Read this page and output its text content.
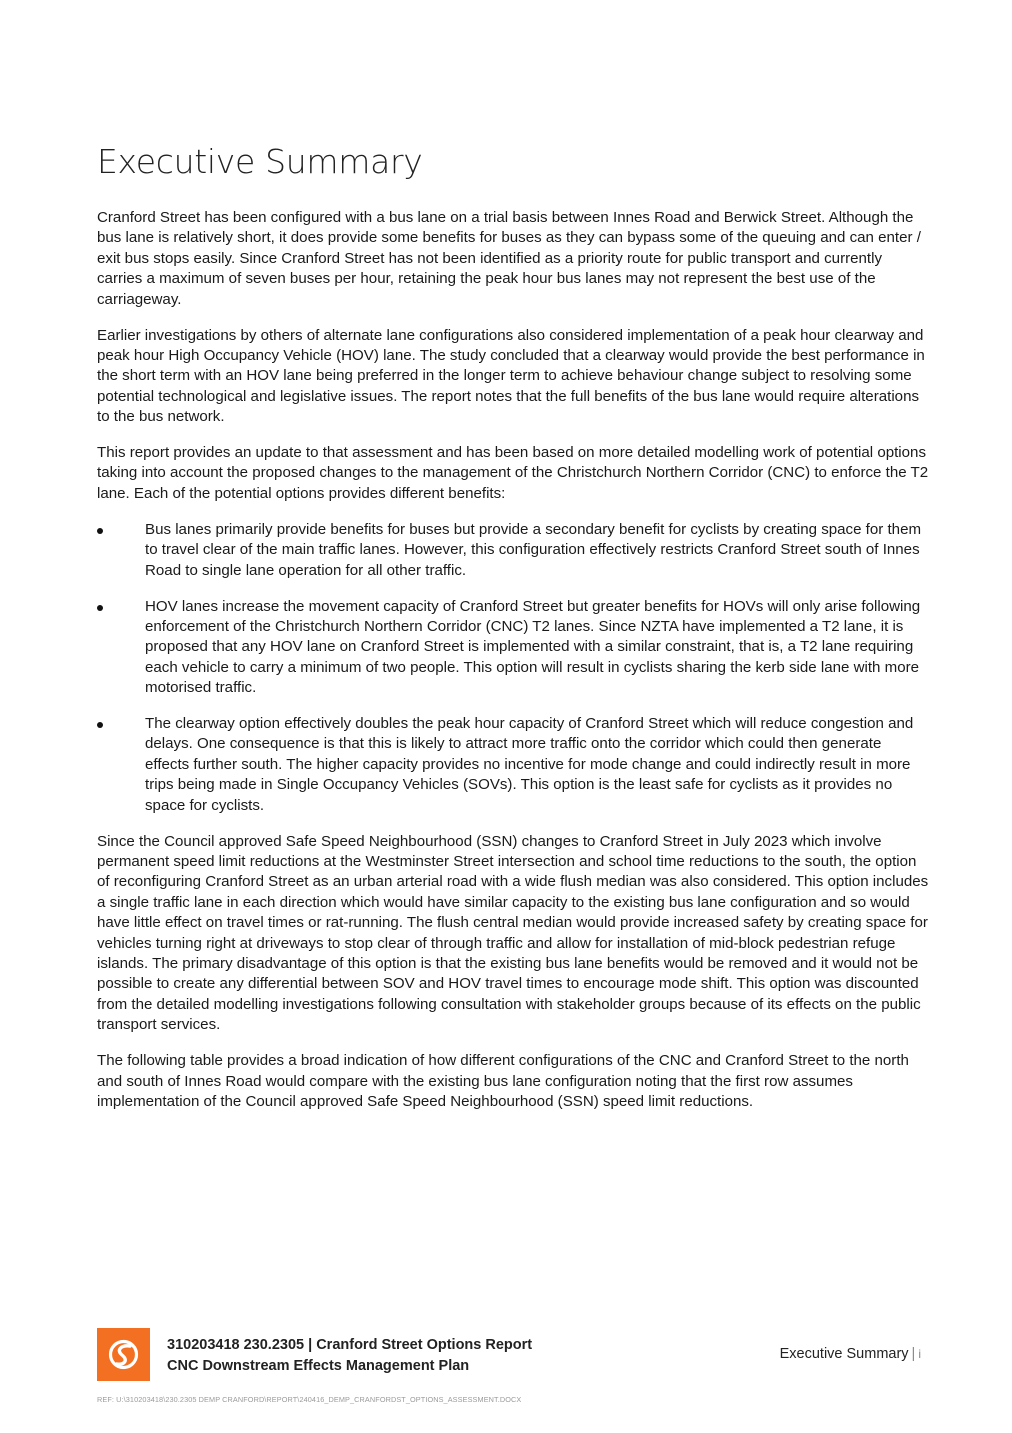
Executive Summary

Cranford Street has been configured with a bus lane on a trial basis between Innes Road and Berwick Street. Although the bus lane is relatively short, it does provide some benefits for buses as they can bypass some of the queuing and can enter / exit bus stops easily. Since Cranford Street has not been identified as a priority route for public transport and currently carries a maximum of seven buses per hour, retaining the peak hour bus lanes may not represent the best use of the carriageway.

Earlier investigations by others of alternate lane configurations also considered implementation of a peak hour clearway and peak hour High Occupancy Vehicle (HOV) lane. The study concluded that a clearway would provide the best performance in the short term with an HOV lane being preferred in the longer term to achieve behaviour change subject to resolving some potential technological and legislative issues. The report notes that the full benefits of the bus lane would require alterations to the bus network.

This report provides an update to that assessment and has been based on more detailed modelling work of potential options taking into account the proposed changes to the management of the Christchurch Northern Corridor (CNC) to enforce the T2 lane. Each of the potential options provides different benefits:

Bus lanes primarily provide benefits for buses but provide a secondary benefit for cyclists by creating space for them to travel clear of the main traffic lanes. However, this configuration effectively restricts Cranford Street south of Innes Road to single lane operation for all other traffic.
HOV lanes increase the movement capacity of Cranford Street but greater benefits for HOVs will only arise following enforcement of the Christchurch Northern Corridor (CNC) T2 lanes. Since NZTA have implemented a T2 lane, it is proposed that any HOV lane on Cranford Street is implemented with a similar constraint, that is, a T2 lane requiring each vehicle to carry a minimum of two people. This option will result in cyclists sharing the kerb side lane with more motorised traffic.
The clearway option effectively doubles the peak hour capacity of Cranford Street which will reduce congestion and delays. One consequence is that this is likely to attract more traffic onto the corridor which could then generate effects further south. The higher capacity provides no incentive for mode change and could indirectly result in more trips being made in Single Occupancy Vehicles (SOVs). This option is the least safe for cyclists as it provides no space for cyclists.

Since the Council approved Safe Speed Neighbourhood (SSN) changes to Cranford Street in July 2023 which involve permanent speed limit reductions at the Westminster Street intersection and school time reductions to the south, the option of reconfiguring Cranford Street as an urban arterial road with a wide flush median was also considered. This option includes a single traffic lane in each direction which would have similar capacity to the existing bus lane configuration and so would have little effect on travel times or rat-running. The flush central median would provide increased safety by creating space for vehicles turning right at driveways to stop clear of through traffic and allow for installation of mid-block pedestrian refuge islands. The primary disadvantage of this option is that the existing bus lane benefits would be removed and it would not be possible to create any differential between SOV and HOV travel times to encourage mode shift. This option was discounted from the detailed modelling investigations following consultation with stakeholder groups because of its effects on the public transport services.

The following table provides a broad indication of how different configurations of the CNC and Cranford Street to the north and south of Innes Road would compare with the existing bus lane configuration noting that the first row assumes implementation of the Council approved Safe Speed Neighbourhood (SSN) speed limit reductions.

310203418 230.2305 | Cranford Street Options Report
CNC Downstream Effects Management Plan
Executive Summary | i
REF: U:\310203418\230.2305 DEMP CRANFORD\REPORT\240416_DEMP_CRANFORDST_OPTIONS_ASSESSMENT.DOCX
